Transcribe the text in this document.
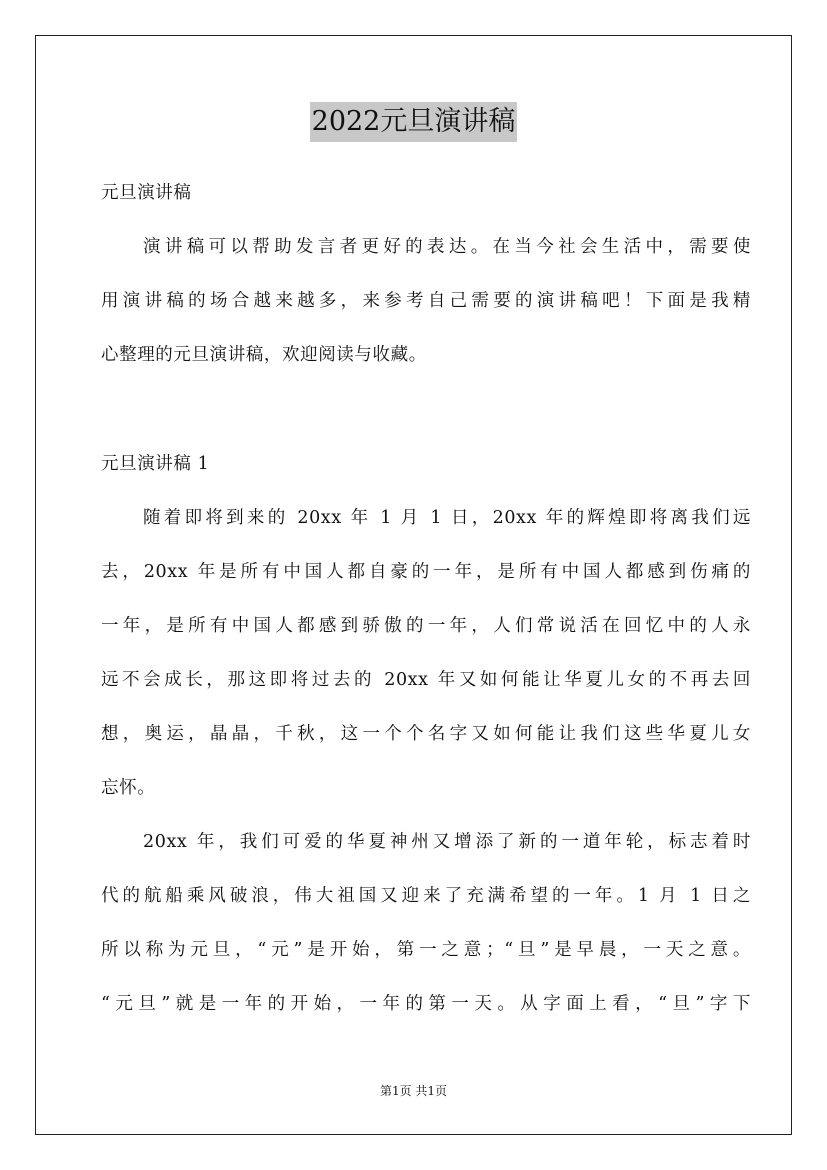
2022元旦演讲稿
元旦演讲稿
演讲稿可以帮助发言者更好的表达。在当今社会生活中，需要使
用演讲稿的场合越来越多，来参考自己需要的演讲稿吧！下面是我精
心整理的元旦演讲稿，欢迎阅读与收藏。
元旦演讲稿 1
随着即将到来的 20xx 年 1 月 1 日，20xx 年的辉煌即将离我们远
去，20xx 年是所有中国人都自豪的一年，是所有中国人都感到伤痛的
一年，是所有中国人都感到骄傲的一年，人们常说活在回忆中的人永
远不会成长，那这即将过去的 20xx 年又如何能让华夏儿女的不再去回
想，奥运，晶晶，千秋，这一个个名字又如何能让我们这些华夏儿女
忘怀。
20xx 年，我们可爱的华夏神州又增添了新的一道年轮，标志着时
代的航船乘风破浪，伟大祖国又迎来了充满希望的一年。1 月 1 日之
所以称为元旦，“元”是开始，第一之意；“旦”是早晨，一天之意。
“元旦”就是一年的开始，一年的第一天。从字面上看，“旦”字下
第1页 共1页
